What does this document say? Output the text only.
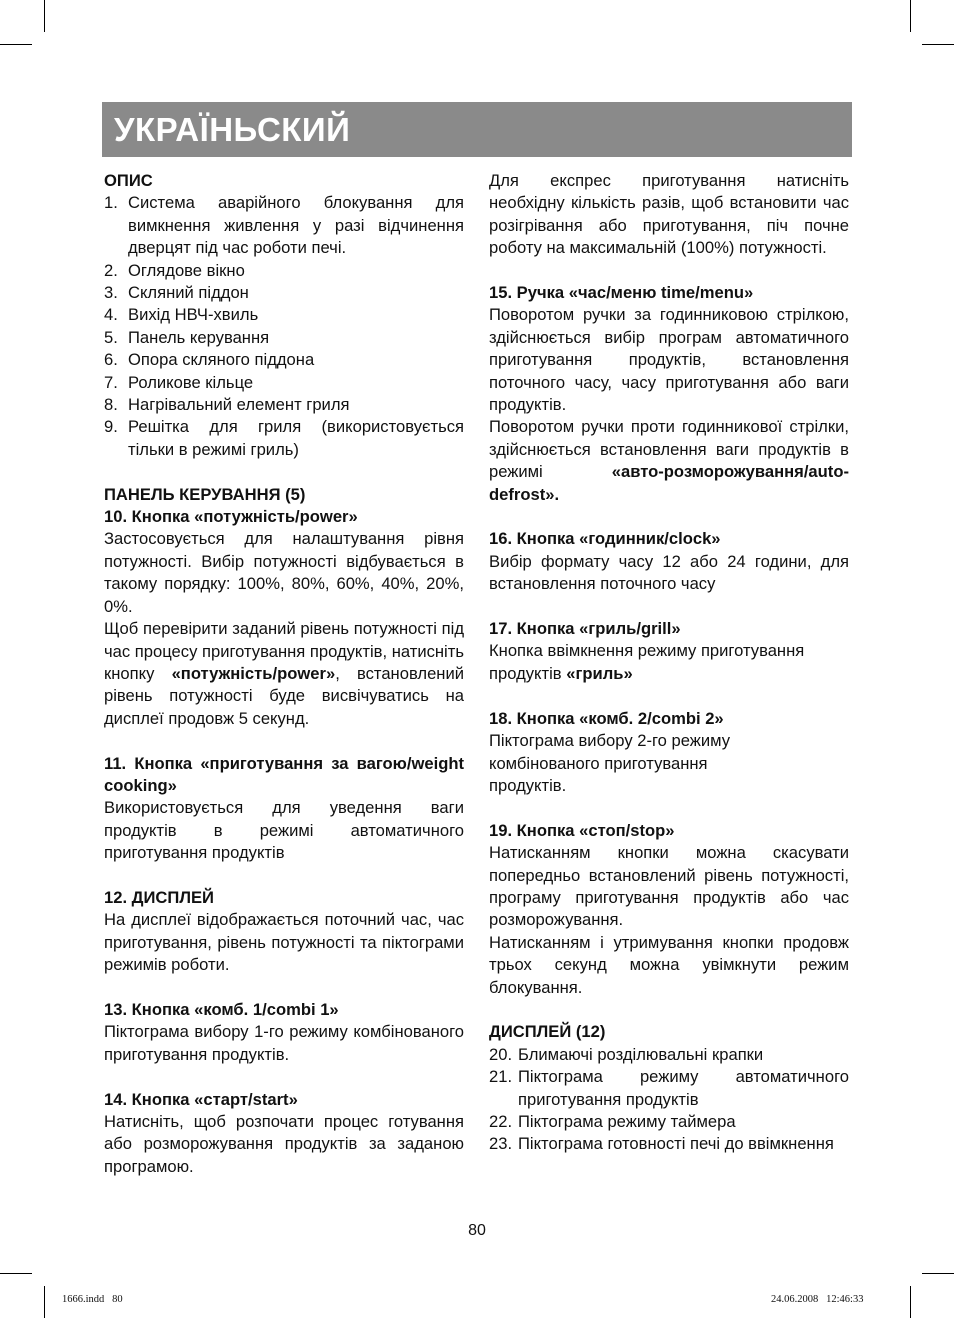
УКРАЇНЬСКИЙ
ОПИС
1. Система аварійного блокування для вимкнення живлення у разі відчинення дверцят під час роботи печі.
2. Оглядове вікно
3. Скляний піддон
4. Вихід НВЧ-хвиль
5. Панель керування
6. Опора скляного піддона
7. Роликове кільце
8. Нагрівальний елемент гриля
9. Решітка для гриля (використовується тільки в режимі гриль)
ПАНЕЛЬ КЕРУВАННЯ (5)
10. Кнопка «потужність/power»

Застосовується для налаштування рівня потужності. Вибір потужності відбувається в такому порядку: 100%, 80%, 60%, 40%, 20%, 0%.

Щоб перевірити заданий рівень потужності під час процесу приготування продуктів, натисніть кнопку «потужність/power», встановлений рівень потужності буде висвічуватись на дисплеї продовж 5 секунд.

11. Кнопка «приготування за вагою/weight cooking»

Використовується для уведення ваги продуктів в режимі автоматичного приготування продуктів

12. ДИСПЛЕЙ

На дисплеї відображається поточний час, час приготування, рівень потужності та піктограми режимів роботи.

13. Кнопка «комб. 1/combi 1»

Піктограма вибору 1-го режиму комбінованого приготування продуктів.

14. Кнопка «старт/start»

Натисніть, щоб розпочати процес готування або розморожування продуктів за заданою програмою.

Для експрес приготування натисніть необхідну кількість разів, щоб встановити час розігрівання або приготування, піч почне роботу на максимальній (100%) потужності.

15. Ручка «час/меню time/menu»

Поворотом ручки за годинниковою стрілкою, здійснюється вибір програм автоматичного приготування продуктів, встановлення поточного часу, часу приготування або ваги продуктів.

Поворотом ручки проти годинникової стрілки, здійснюється встановлення ваги продуктів в режимі «авто-розморожування/auto-defrost».

16. Кнопка «годинник/clock»

Вибір формату часу 12 або 24 години, для встановлення поточного часу

17. Кнопка «гриль/grill»

Кнопка ввімкнення режиму приготування продуктів «гриль»

18. Кнопка «комб. 2/combi 2»

Піктограма вибору 2-го режиму комбінованого приготування продуктів.

19. Кнопка «стоп/stop»

Натисканням кнопки можна скасувати попередньо встановлений рівень потужності, програму приготування продуктів або час розморожування.

Натисканням і утримування кнопки продовж трьох секунд можна увімкнути режим блокування.

ДИСПЛЕЙ (12)
20. Блимаючі розділювальні крапки
21. Піктограма режиму автоматичного приготування продуктів
22. Піктограма режиму таймера
23. Піктограма готовності печі до ввімкнення
80
1666.indd   80	24.06.2008   12:46:33
